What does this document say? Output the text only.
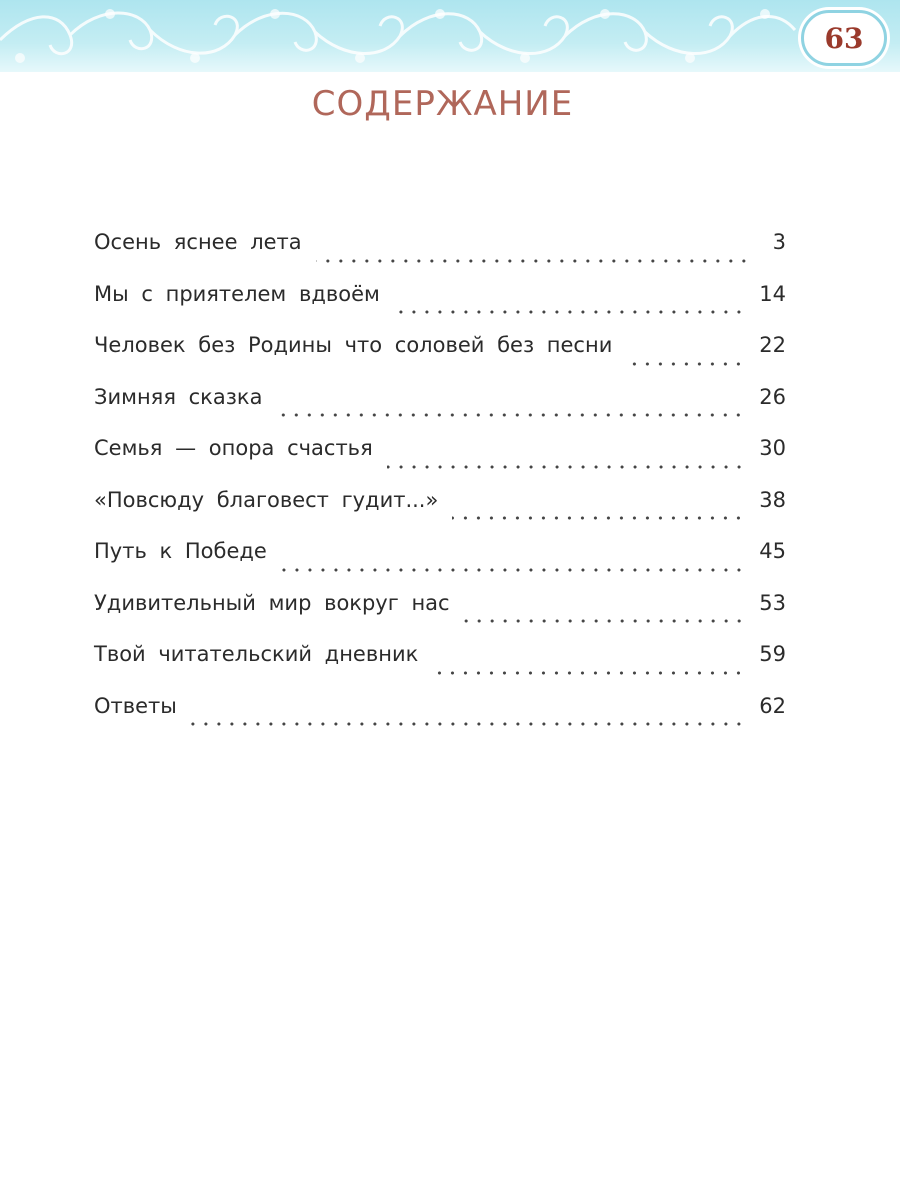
63
СОДЕРЖАНИЕ
Осень яснее лета	3
Мы с приятелем вдвоём	14
Человек без Родины что соловей без песни	22
Зимняя сказка	26
Семья — опора счастья	30
«Повсюду благовест гудит...»	38
Путь к Победе	45
Удивительный мир вокруг нас	53
Твой читательский дневник	59
Ответы	62
